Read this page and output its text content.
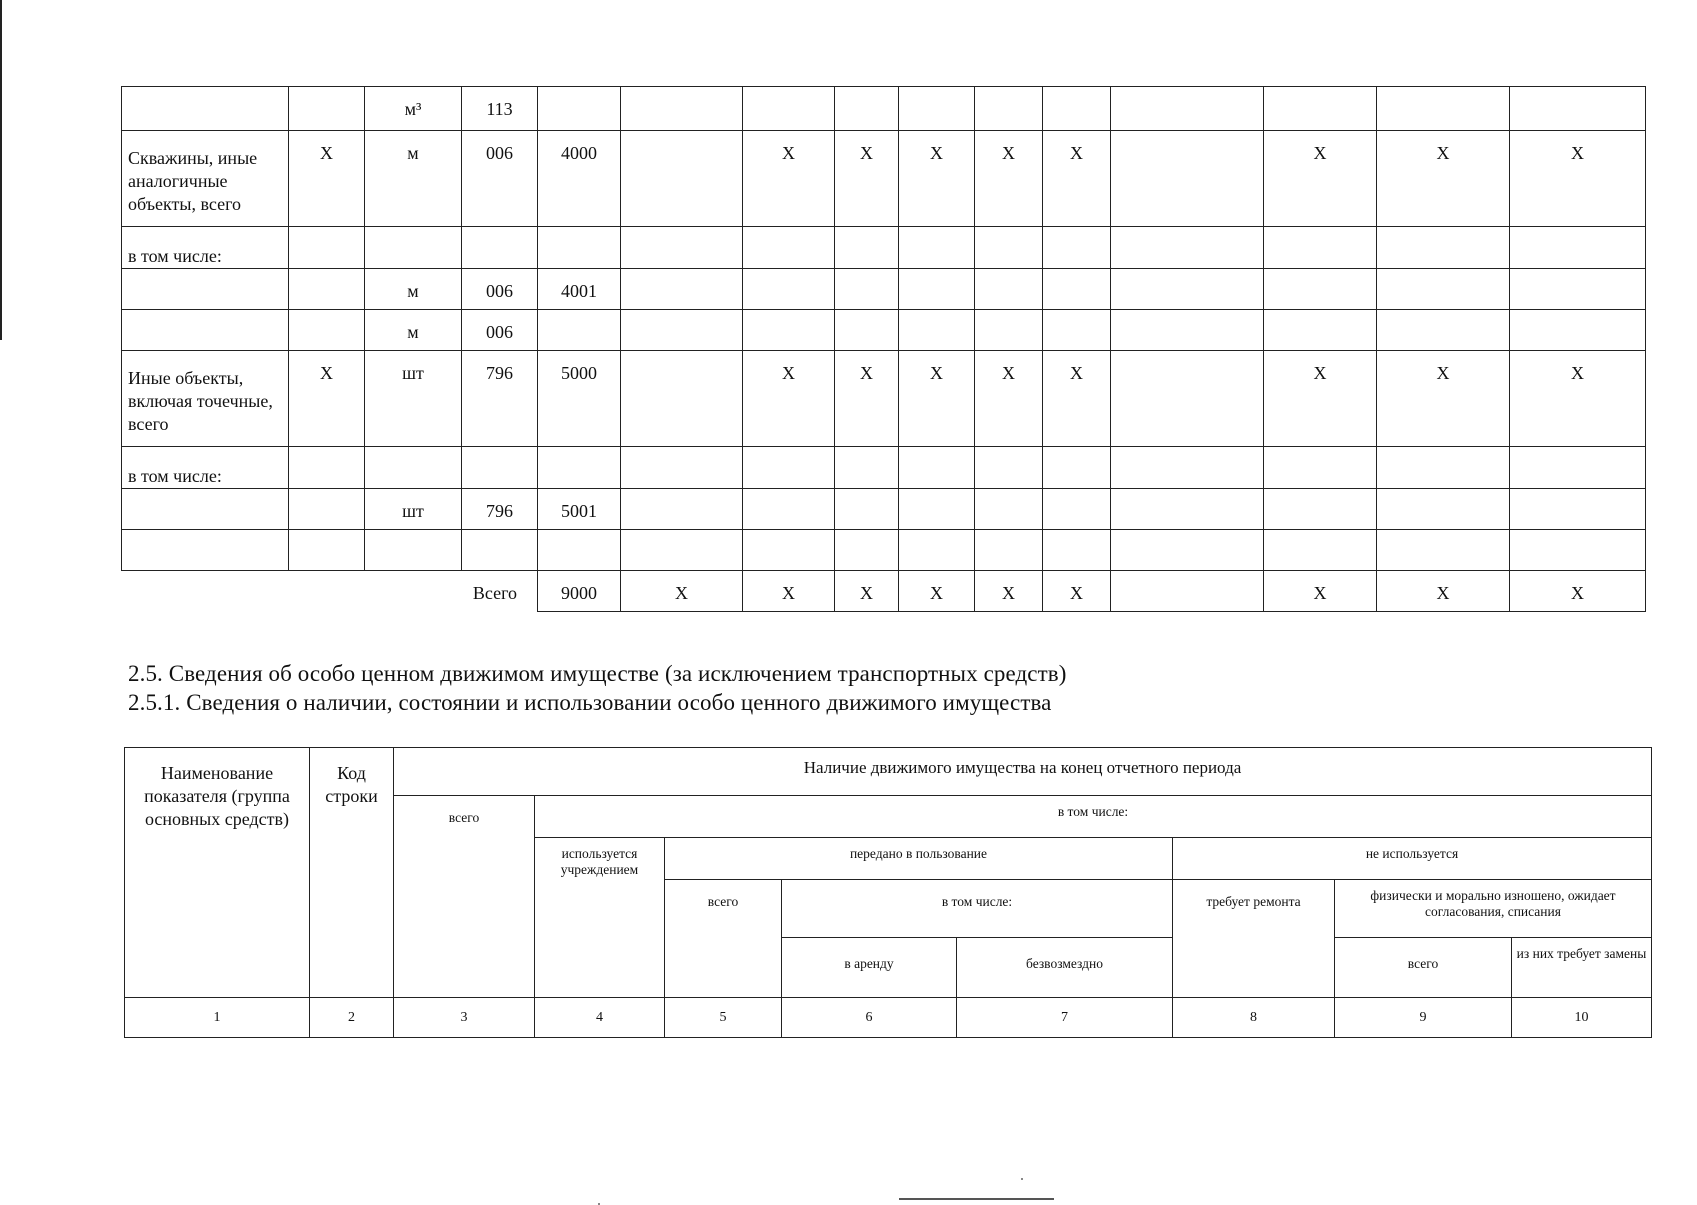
		м³	113											
Скважины, иные аналогичные объекты, всего	X	м	006	4000		X	X	X	X	X		X	X	X
в том числе:														
		м	006	4001										
		м	006											
Иные объекты, включая точечные, всего	X	шт	796	5000		X	X	X	X	X		X	X	X
в том числе:														
		шт	796	5001										

Всего				9000	X	X	X	X	X	X		X	X	X
2.5. Сведения об особо ценном движимом имуществе (за исключением транспортных средств)
2.5.1. Сведения о наличии, состоянии и использовании особо ценного движимого имущества
Наименование показателя (группа основных средств)	Код строки	Наличие движимого имущества на конец отчетного периода							
		всего	в том числе:						
			используется учреждением	передано в пользование			не используется		
				всего	в том числе:		требует ремонта	физически и морально изношено, ожидает согласования, списания	
					в аренду	безвозмездно		всего	из них требует замены
1	2	3	4	5	6	7	8	9	10
